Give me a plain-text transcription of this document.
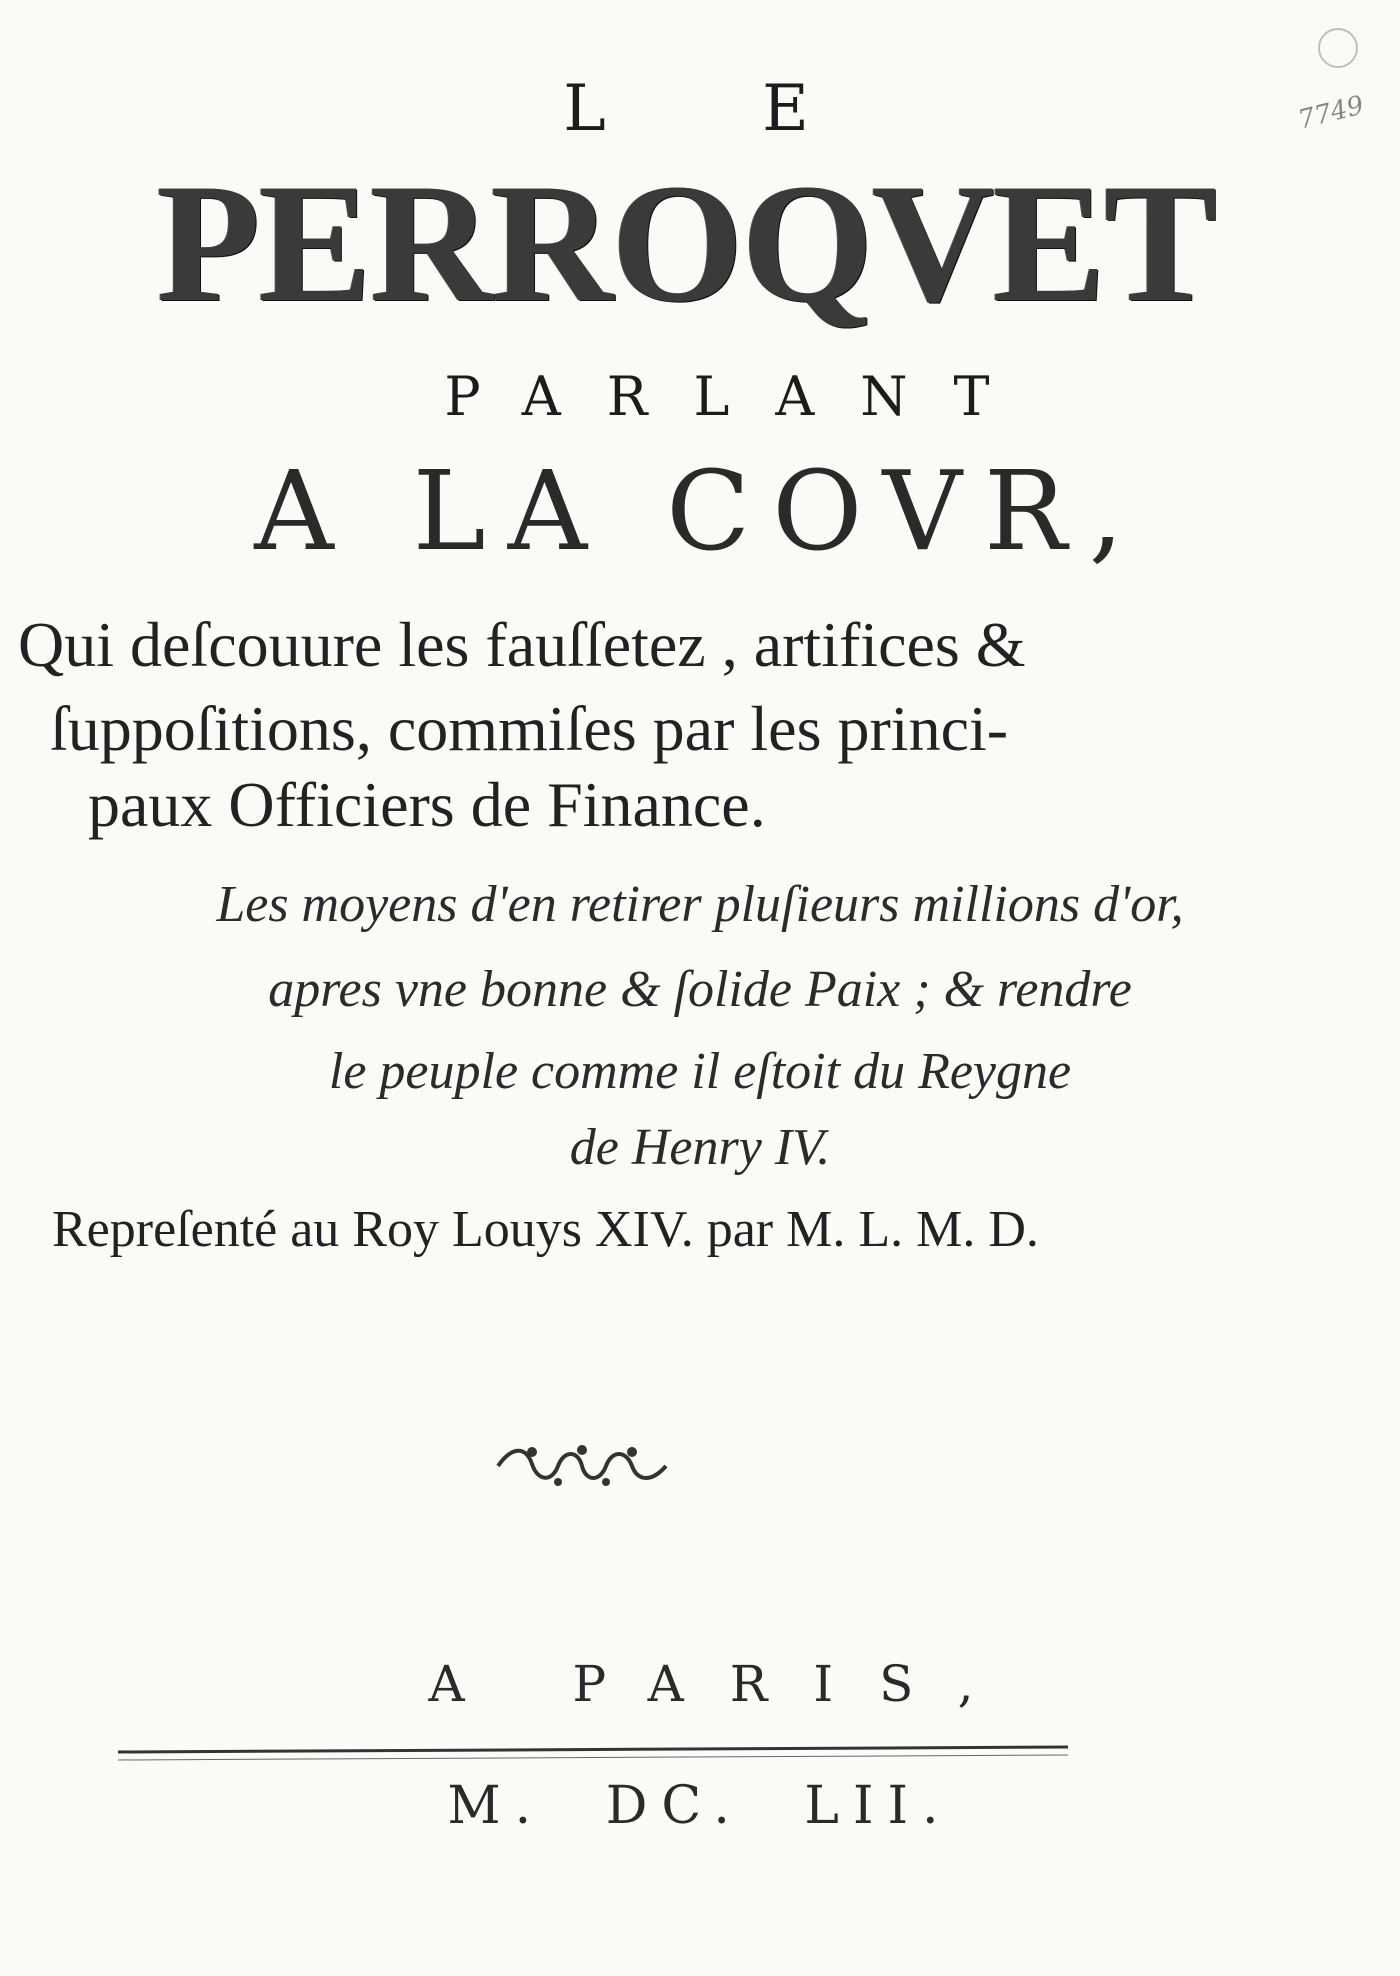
7749
L E
PERROQVET
PARLANT
A LA COVR,
Qui deſcouure les fauſſetez , artifices &
ſuppoſitions, commiſes par les princi-
paux Officiers de Finance.
Les moyens d'en retirer pluſieurs millions d'or,
apres vne bonne & ſolide Paix ; & rendre
le peuple comme il eſtoit du Reygne
de Henry IV.
Repreſenté au Roy Louys XIV. par M. L. M. D.
A PARIS,
M. DC. LII.
